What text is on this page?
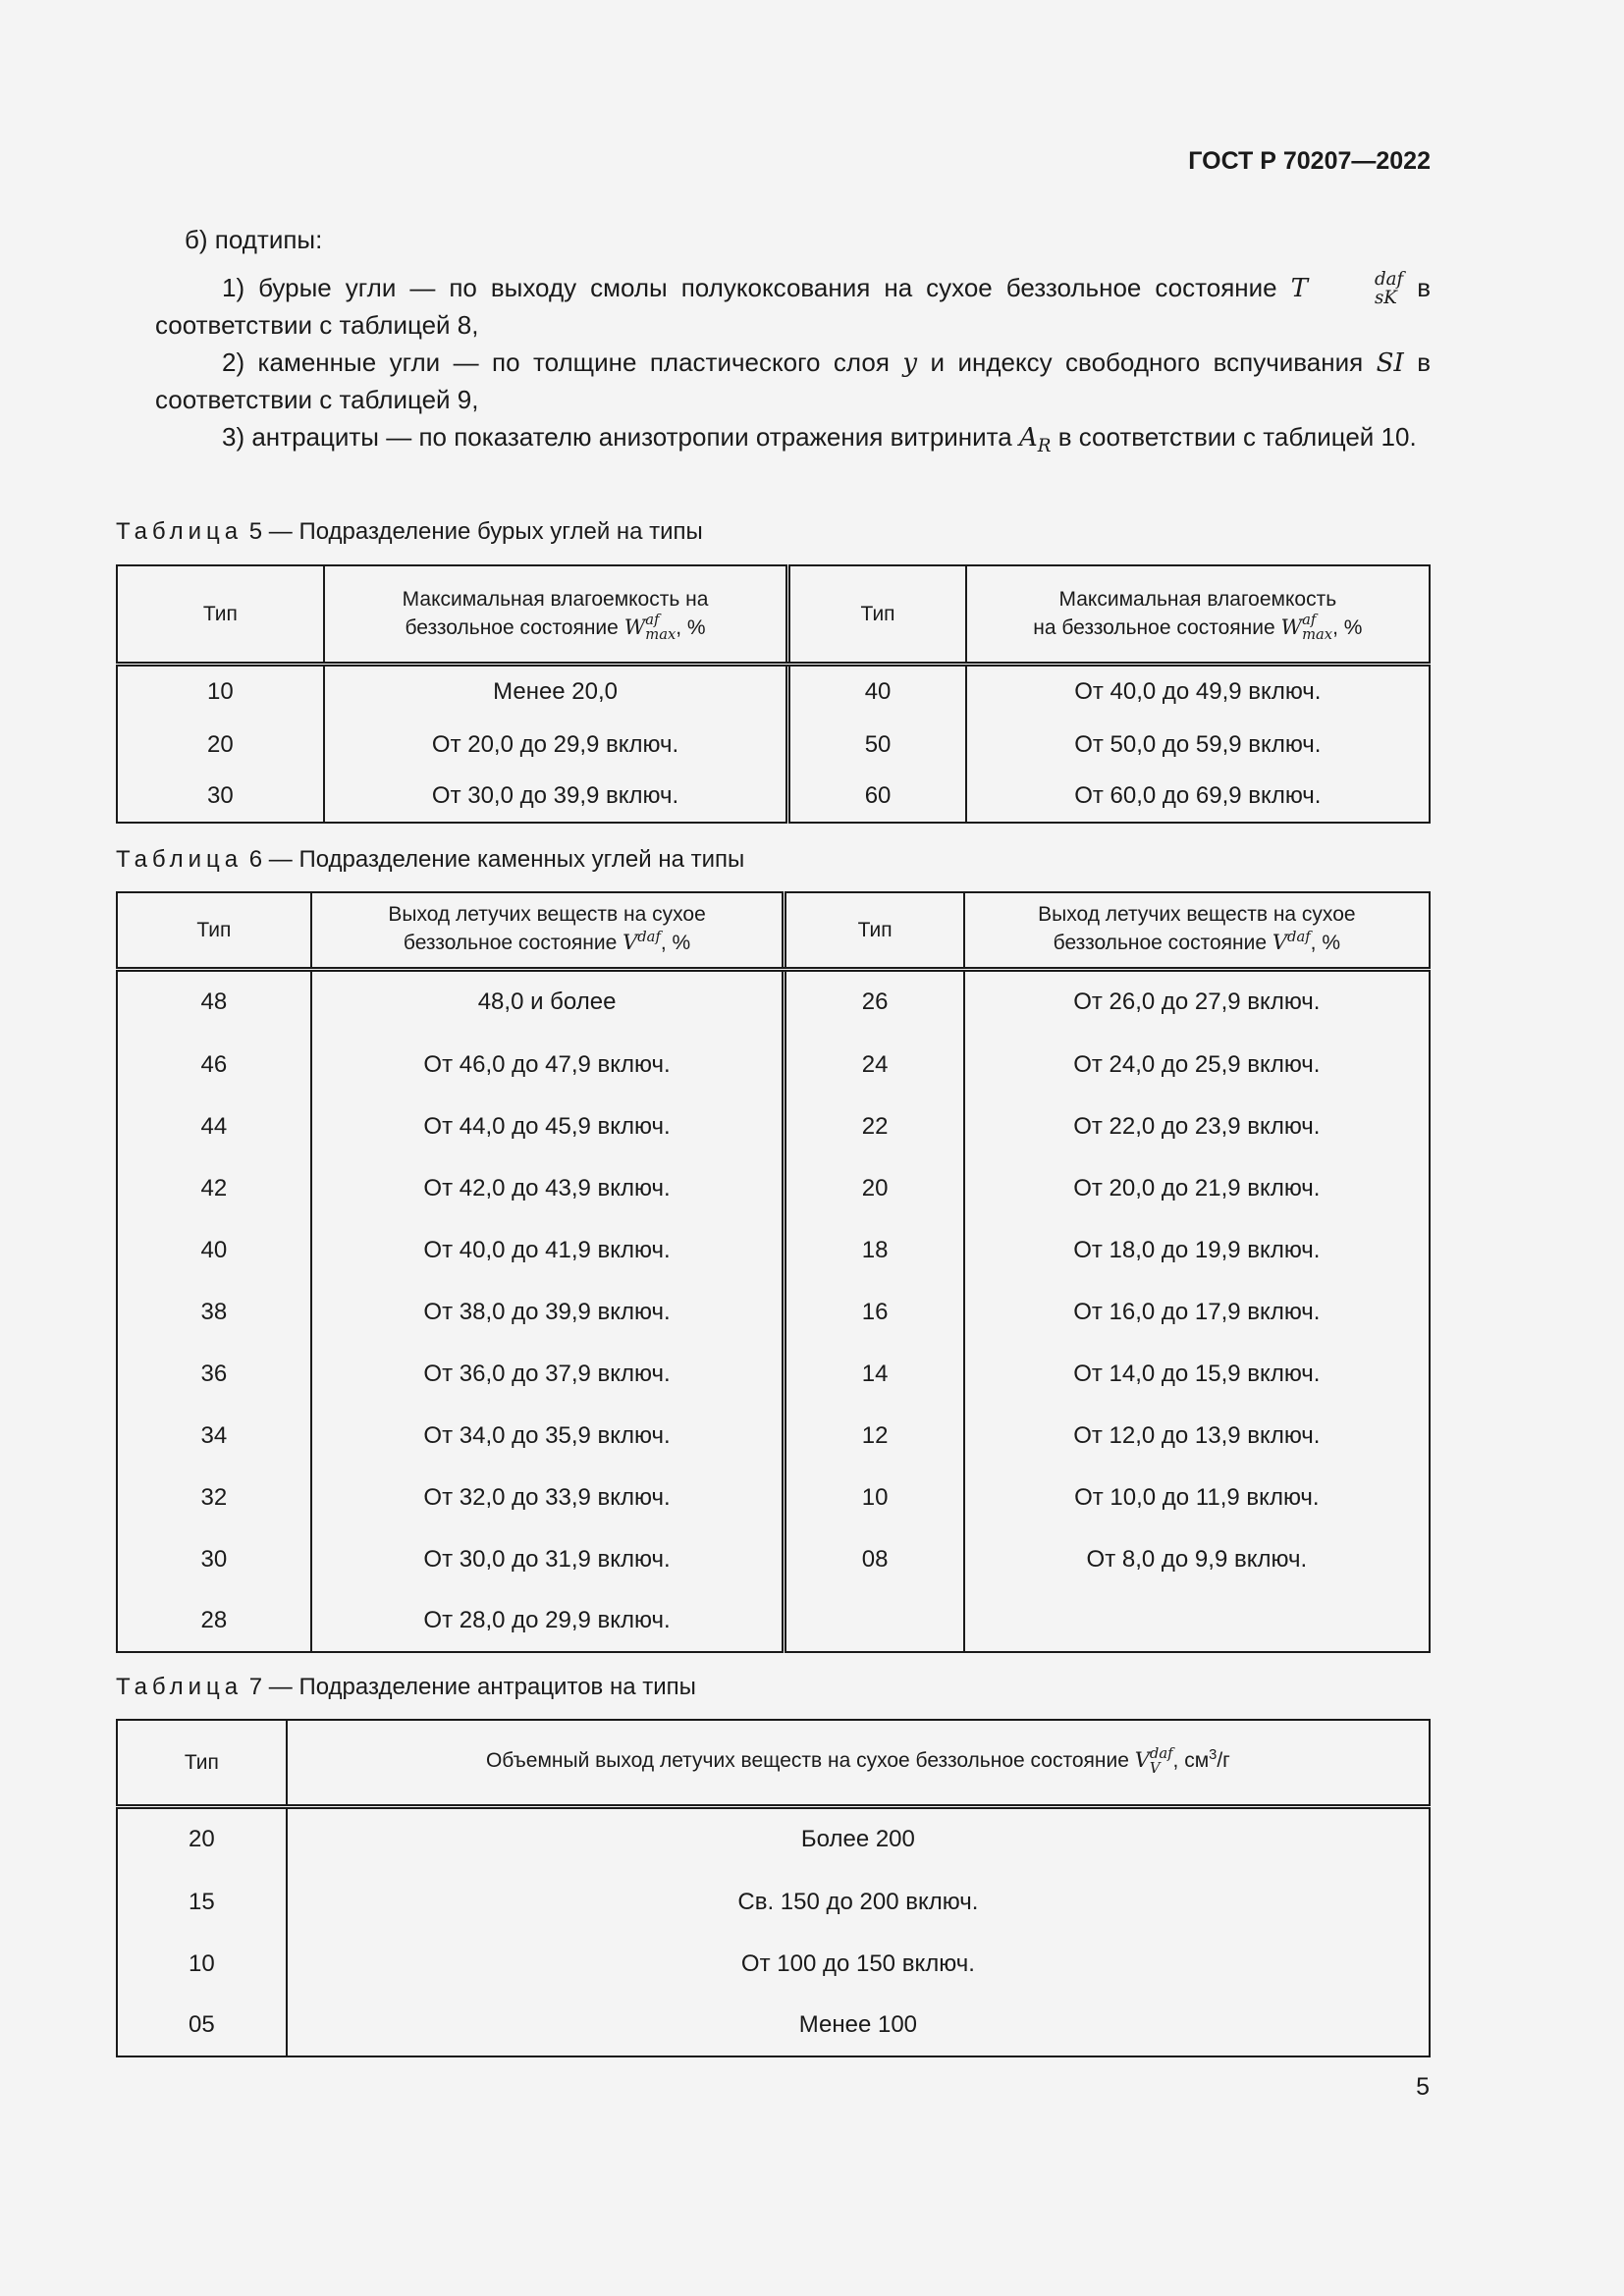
ГОСТ Р 70207—2022

б) подтипы:

1) бурые угли — по выходу смолы полукоксования на сухое беззольное состояние T	daf
sK в соответствии с таблицей 8,

2) каменные угли — по толщине пластического слоя y и индексу свободного вспучивания SI в соответствии с таблицей 9,

3) антрациты — по показателю анизотропии отражения витринита $A_R$ в соответствии с таблицей 10.

Таблица 5 — Подразделение бурых углей на типы
Тип	Максимальная влагоемкость на
беззольное состояние W af
max , %	Тип	Максимальная влагоемкость
на беззольное состояние W af
max , %
10	Менее 20,0	40	От 40,0 до 49,9 включ.
20	От 20,0 до 29,9 включ.	50	От 50,0 до 59,9 включ.
30	От 30,0 до 39,9 включ.	60	От 60,0 до 69,9 включ.
Таблица 6 — Подразделение каменных углей на типы
Тип	Выход летучих веществ на сухое
беззольное состояние $V^{daf}$, %	Тип	Выход летучих веществ на сухое
беззольное состояние $V^{daf}$, %
48	48,0 и более	26	От 26,0 до 27,9 включ.
46	От 46,0 до 47,9 включ.	24	От 24,0 до 25,9 включ.
44	От 44,0 до 45,9 включ.	22	От 22,0 до 23,9 включ.
42	От 42,0 до 43,9 включ.	20	От 20,0 до 21,9 включ.
40	От 40,0 до 41,9 включ.	18	От 18,0 до 19,9 включ.
38	От 38,0 до 39,9 включ.	16	От 16,0 до 17,9 включ.
36	От 36,0 до 37,9 включ.	14	От 14,0 до 15,9 включ.
34	От 34,0 до 35,9 включ.	12	От 12,0 до 13,9 включ.
32	От 32,0 до 33,9 включ.	10	От 10,0 до 11,9 включ.
30	От 30,0 до 31,9 включ.	08	От 8,0 до 9,9 включ.
28	От 28,0 до 29,9 включ.		
Таблица 7 — Подразделение антрацитов на типы
Тип	Объемный выход летучих веществ на сухое беззольное состояние V daf
V , $см^3/г$
20	Более 200
15	Св. 150 до 200 включ.
10	От 100 до 150 включ.
05	Менее 100
5
